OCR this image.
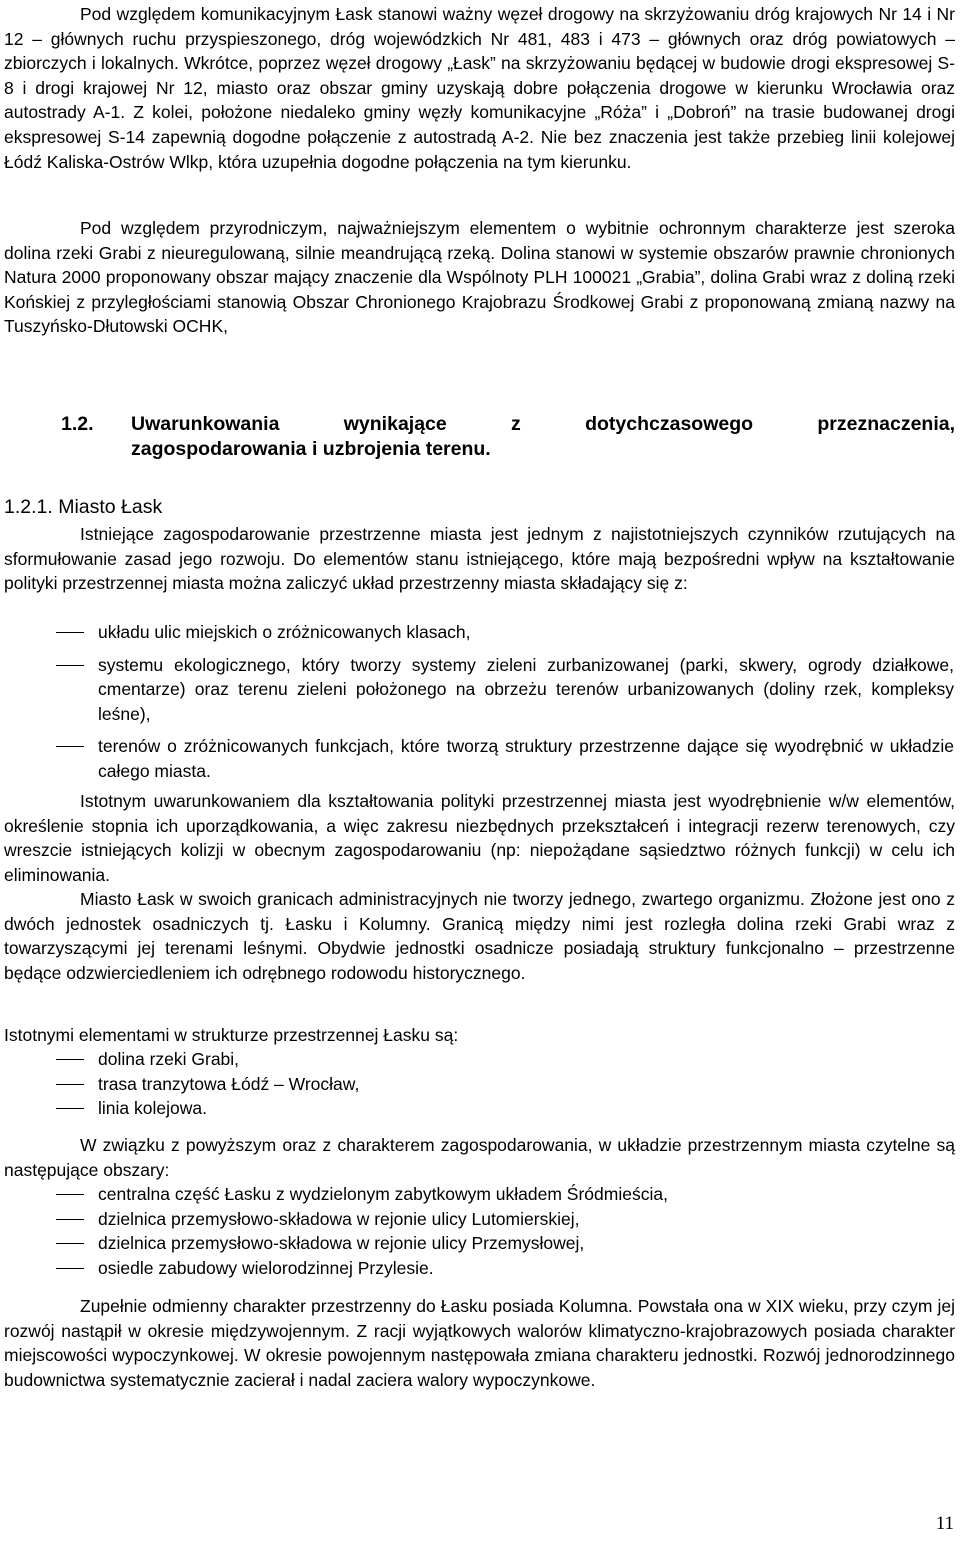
Pod względem komunikacyjnym Łask stanowi ważny węzeł drogowy na skrzyżowaniu dróg krajowych Nr 14 i Nr 12 – głównych ruchu przyspieszonego, dróg wojewódzkich Nr 481, 483 i 473 – głównych oraz dróg powiatowych – zbiorczych i lokalnych. Wkrótce, poprzez węzeł drogowy „Łask” na skrzyżowaniu będącej w budowie drogi ekspresowej S-8 i drogi krajowej Nr 12, miasto oraz obszar gminy uzyskają dobre połączenia drogowe w kierunku Wrocławia oraz autostrady A-1. Z kolei, położone niedaleko gminy węzły komunikacyjne „Róża” i „Dobroń” na trasie budowanej drogi ekspresowej S-14 zapewnią dogodne połączenie z autostradą A-2. Nie bez znaczenia jest także przebieg linii kolejowej Łódź Kaliska-Ostrów Wlkp, która uzupełnia dogodne połączenia na tym kierunku.

Pod względem przyrodniczym, najważniejszym elementem o wybitnie ochronnym charakterze jest szeroka dolina rzeki Grabi z nieuregulowaną, silnie meandrującą rzeką. Dolina stanowi w systemie obszarów prawnie chronionych Natura 2000 proponowany obszar mający znaczenie dla Wspólnoty PLH 100021 „Grabia”, dolina Grabi wraz z doliną rzeki Końskiej z przyległościami stanowią Obszar Chronionego Krajobrazu Środkowej Grabi z proponowaną zmianą nazwy na Tuszyńsko-Dłutowski OCHK,

1.2. Uwarunkowania wynikające z dotychczasowego przeznaczenia,
zagospodarowania i uzbrojenia terenu.
1.2.1. Miasto Łask

Istniejące zagospodarowanie przestrzenne miasta jest jednym z najistotniejszych czynników rzutujących na sformułowanie zasad jego rozwoju. Do elementów stanu istniejącego, które mają bezpośredni wpływ na kształtowanie polityki przestrzennej miasta można zaliczyć układ przestrzenny miasta składający się z:

układu ulic miejskich o zróżnicowanych klasach,
systemu ekologicznego, który tworzy systemy zieleni zurbanizowanej (parki, skwery, ogrody działkowe, cmentarze) oraz terenu zieleni położonego na obrzeżu terenów urbanizowanych (doliny rzek, kompleksy leśne),
terenów o zróżnicowanych funkcjach, które tworzą struktury przestrzenne dające się wyodrębnić w układzie całego miasta.

Istotnym uwarunkowaniem dla kształtowania polityki przestrzennej miasta jest wyodrębnienie w/w elementów, określenie stopnia ich uporządkowania, a więc zakresu niezbędnych przekształceń i integracji rezerw terenowych, czy wreszcie istniejących kolizji w obecnym zagospodarowaniu (np: niepożądane sąsiedztwo różnych funkcji) w celu ich eliminowania.

Miasto Łask w swoich granicach administracyjnych nie tworzy jednego, zwartego organizmu. Złożone jest ono z dwóch jednostek osadniczych tj. Łasku i Kolumny. Granicą między nimi jest rozległa dolina rzeki Grabi wraz z towarzyszącymi jej terenami leśnymi. Obydwie jednostki osadnicze posiadają struktury funkcjonalno – przestrzenne będące odzwierciedleniem ich odrębnego rodowodu historycznego.

Istotnymi elementami w strukturze przestrzennej Łasku są:

dolina rzeki Grabi,
trasa tranzytowa Łódź – Wrocław,
linia kolejowa.

W związku z powyższym oraz z charakterem zagospodarowania, w układzie przestrzennym miasta czytelne są następujące obszary:

centralna część Łasku z wydzielonym zabytkowym układem Śródmieścia,
dzielnica przemysłowo-składowa w rejonie ulicy Lutomierskiej,
dzielnica przemysłowo-składowa w rejonie ulicy Przemysłowej,
osiedle zabudowy wielorodzinnej Przylesie.

Zupełnie odmienny charakter przestrzenny do Łasku posiada Kolumna. Powstała ona w XIX wieku, przy czym jej rozwój nastąpił w okresie międzywojennym. Z racji wyjątkowych walorów klimatyczno-krajobrazowych posiada charakter miejscowości wypoczynkowej. W okresie powojennym następowała zmiana charakteru jednostki. Rozwój jednorodzinnego budownictwa systematycznie zacierał i nadal zaciera walory wypoczynkowe.

11
